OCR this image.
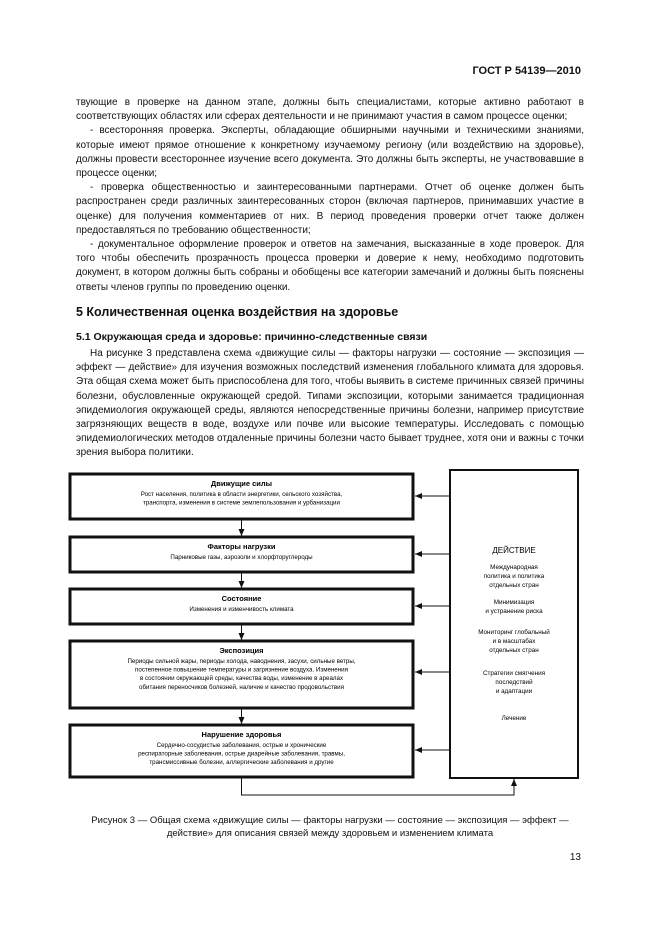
ГОСТ Р 54139—2010

твующие в проверке на данном этапе, должны быть специалистами, которые активно работают в соответствующих областях или сферах деятельности и не принимают участия в самом процессе оценки;

- всесторонняя проверка. Эксперты, обладающие обширными научными и техническими знаниями, которые имеют прямое отношение к конкретному изучаемому региону (или воздействию на здоровье), должны провести всестороннее изучение всего документа. Это должны быть эксперты, не участвовавшие в процессе оценки;

- проверка общественностью и заинтересованными партнерами. Отчет об оценке должен быть распространен среди различных заинтересованных сторон (включая партнеров, принимавших участие в оценке) для получения комментариев от них. В период проведения проверки отчет также должен предоставляться по требованию общественности;

- документальное оформление проверок и ответов на замечания, высказанные в ходе проверок. Для того чтобы обеспечить прозрачность процесса проверки и доверие к нему, необходимо подготовить документ, в котором должны быть собраны и обобщены все категории замечаний и должны быть пояснены ответы членов группы по проведению оценки.

5 Количественная оценка воздействия на здоровье
5.1 Окружающая среда и здоровье: причинно-следственные связи

На рисунке 3 представлена схема «движущие силы — факторы нагрузки — состояние — экспозиция — эффект — действие» для изучения возможных последствий изменения глобального климата для здоровья. Эта общая схема может быть приспособлена для того, чтобы выявить в системе причинных связей причины болезни, обусловленные окружающей средой. Типами экспозиции, которыми занимается традиционная эпидемиология окружающей среды, являются непосредственные причины болезни, например присутствие загрязняющих веществ в воде, воздухе или почве или высокие температуры. Исследовать с помощью эпидемиологических методов отдаленные причины болезни часто бывает труднее, хотя они и важны с точки зрения выбора политики.

Движущие силы
Рост населения, политика в области энергетики, сельского хозяйства,
транспорта, изменения в системе землепользования и урбанизации
Факторы нагрузки
Парниковые газы, аэрозоли и хлорфторуглероды
Состояние
Изменения и изменчивость климата
Экспозиция
Периоды сильной жары, периоды холода, наводнения, засухи, сильные ветры,
постепенное повышение температуры и загрязнение воздуха. Изменения
в состоянии окружающей среды, качества воды, изменение в ареалах
обитания переносчиков болезней, наличие и качество продовольствия
Нарушение здоровья
Сердечно-сосудистые заболевания, острые и хронические
респираторные заболевания, острые диарейные заболевания, травмы,
трансмиссивные болезни, аллергические заболевания и другие
ДЕЙСТВИЕ
Международная
политика и политика
отдельных стран
Минимизация
и устранение риска
Мониторинг глобальный
и в масштабах
отдельных стран
Стратегии смягчения
последствий
и адаптации
Лечение
Рисунок 3 — Общая схема «движущие силы — факторы нагрузки — состояние — экспозиция — эффект — действие» для описания связей между здоровьем и изменением климата
13
